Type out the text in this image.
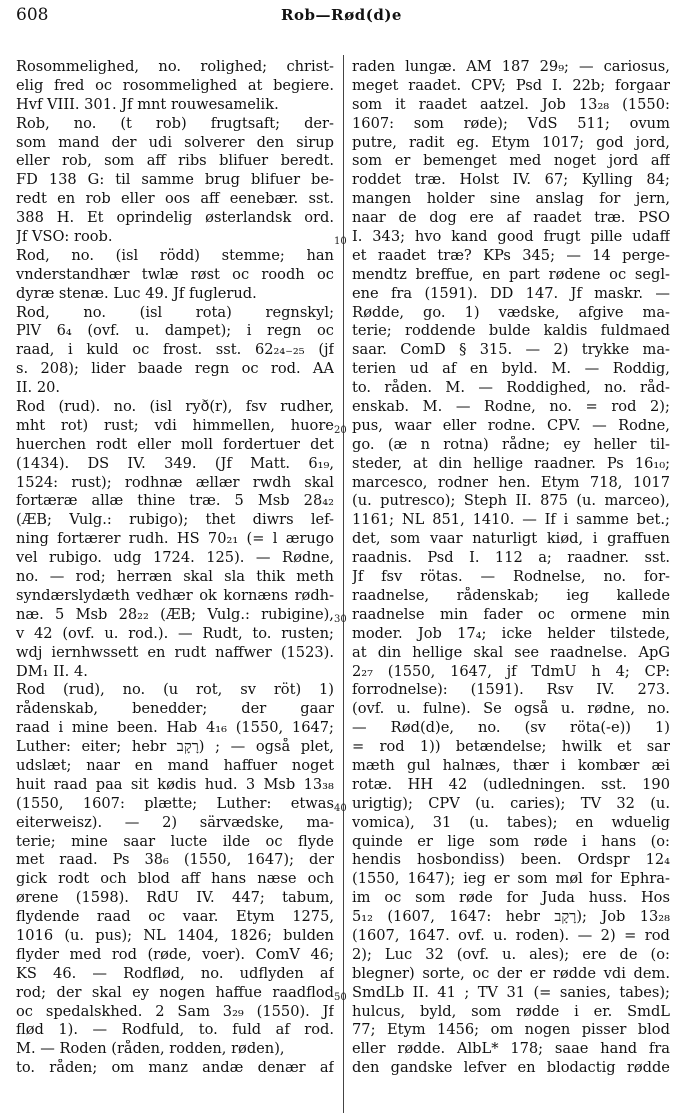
608	Rob—Rød(d)e
Rosommelighed, no. rolighed; christ-
elig fred oc rosommelighed at begiere.
Hvf VIII. 301. Jf mnt rouwesamelik.
Rob, no. (t rob) frugtsaft; der-
som mand der udi solverer den sirup
eller rob, som aff ribs blifuer beredt.
FD 138 G: til samme brug blifuer be-
redt en rob eller oos aff eenebær. sst.
388 H. Et oprindelig østerlandsk ord.
Jf VSO: roob.
Rod, no. (isl rödd) stemme; han
vnderstandhær twlæ røst oc roodh oc
dyræ stenæ. Luc 49. Jf fuglerud.
Rod, no. (isl rota) regnskyl;
PlV 6₄ (ovf. u. dampet); i regn oc
raad, i kuld oc frost. sst. 62₂₄₋₂₅ (jf
s. 208); lider baade regn oc rod. AA
II. 20.
Rod (rud). no. (isl ryð(r), fsv rudher,
mht rot) rust; vdi himmellen, huore
huerchen rodt eller moll fordertuer det
(1434). DS IV. 349. (Jf Matt. 6₁₉,
1524: rust); rodhnæ ællær rwdh skal
fortæræ allæ thine træ. 5 Msb 28₄₂
(ÆB; Vulg.: rubigo); thet diwrs lef-
ning fortærer rudh. HS 70₂₁ (= l ærugo
vel rubigo. udg 1724. 125). — Rødne,
no. — rod; herræn skal sla thik meth
syndærslydæth vedhær ok kornæns rødh-
næ. 5 Msb 28₂₂ (ÆB; Vulg.: rubigine),
v 42 (ovf. u. rod.). — Rudt, to. rusten;
wdj iernhwssett en rudt naffwer (1523).
DM₁ II. 4.
Rod (rud), no. (u rot, sv röt) 1)
rådenskab, benedder; der gaar
raad i mine been. Hab 4₁₆ (1550, 1647;
Luther: eiter; hebr רָקָב) ; — også plet,
udslæt; naar en mand haffuer noget
huit raad paa sit kødis hud. 3 Msb 13₃₈
(1550, 1607: plætte; Luther: etwas
eiterweisz). — 2) särvædske, ma-
terie; mine saar lucte ilde oc flyde
met raad. Ps 38₆ (1550, 1647); der
gick rodt och blod aff hans næse och
ørene (1598). RdU IV. 447; tabum,
flydende raad oc vaar. Etym 1275,
1016 (u. pus); NL 1404, 1826; bulden
flyder med rod (røde, voer). ComV 46;
KS 46. — Rodflød, no. udflyden af
rod; der skal ey nogen haffue raadflod
oc spedalskhed. 2 Sam 3₂₉ (1550). Jf
flød 1). — Rodfuld, to. fuld af rod.
M. — Roden (råden, rodden, røden),
to. råden; om manz andæ denær af
raden lungæ. AM 187 29₉; — cariosus,
meget raadet. CPV; Psd I. 22b; forgaar
som it raadet aatzel. Job 13₂₈ (1550:
1607: som røde); VdS 511; ovum
putre, radit eg. Etym 1017; god jord,
som er bemenget med noget jord aff
roddet træ. Holst IV. 67; Kylling 84;
mangen holder sine anslag for jern,
naar de dog ere af raadet træ. PSO
I. 343; hvo kand good frugt pille udaff
et raadet træ? KPs 345; — 14 perge-
mendtz breffue, en part rødene oc segl-
ene fra (1591). DD 147. Jf maskr. —
Rødde, go. 1) vædske, afgive ma-
terie; roddende bulde kaldis fuldmaed
saar. ComD § 315. — 2) trykke ma-
terien ud af en byld. M. — Roddig,
to. råden. M. — Roddighed, no. råd-
enskab. M. — Rodne, no. = rod 2);
pus, waar eller rodne. CPV. — Rodne,
go. (æ n rotna) rådne; ey heller til-
steder, at din hellige raadner. Ps 16₁₀;
marcesco, rodner hen. Etym 718, 1017
(u. putresco); Steph II. 875 (u. marceo),
1161; NL 851, 1410. — If i samme bet.;
det, som vaar naturligt kiød, i graffuen
raadnis. Psd I. 112 a; raadner. sst.
Jf fsv rötas. — Rodnelse, no. for-
raadnelse, rådenskab; ieg kallede
raadnelse min fader oc ormene min
moder. Job 17₄; icke helder tilstede,
at din hellige skal see raadnelse. ApG
2₂₇ (1550, 1647, jf TdmU h 4; CP:
forrodnelse): (1591). Rsv IV. 273.
(ovf. u. fulne). Se også u. rødne, no.
— Rød(d)e, no. (sv röta(-e)) 1)
= rod 1)) betændelse; hwilk et sar
mæth gul halnæs, thær i kombær æi
rotæ. HH 42 (udledningen. sst. 190
urigtig); CPV (u. caries); TV 32 (u.
vomica), 31 (u. tabes); en wduelig
quinde er lige som røde i hans (o:
hendis hosbondiss) been. Ordspr 12₄
(1550, 1647); ieg er som møl for Ephra-
im oc som røde for Juda huss. Hos
5₁₂ (1607, 1647: hebr רָקָב); Job 13₂₈
(1607, 1647. ovf. u. roden). — 2) = rod
2); Luc 32 (ovf. u. ales); ere de (o:
blegner) sorte, oc der er rødde vdi dem.
SmdLb II. 41 ; TV 31 (= sanies, tabes);
hulcus, byld, som rødde i er. SmdL
77; Etym 1456; om nogen pisser blod
eller rødde. AlbL* 178; saae hand fra
den gandske lefver en blodactig rødde
10
20
30
40
50
